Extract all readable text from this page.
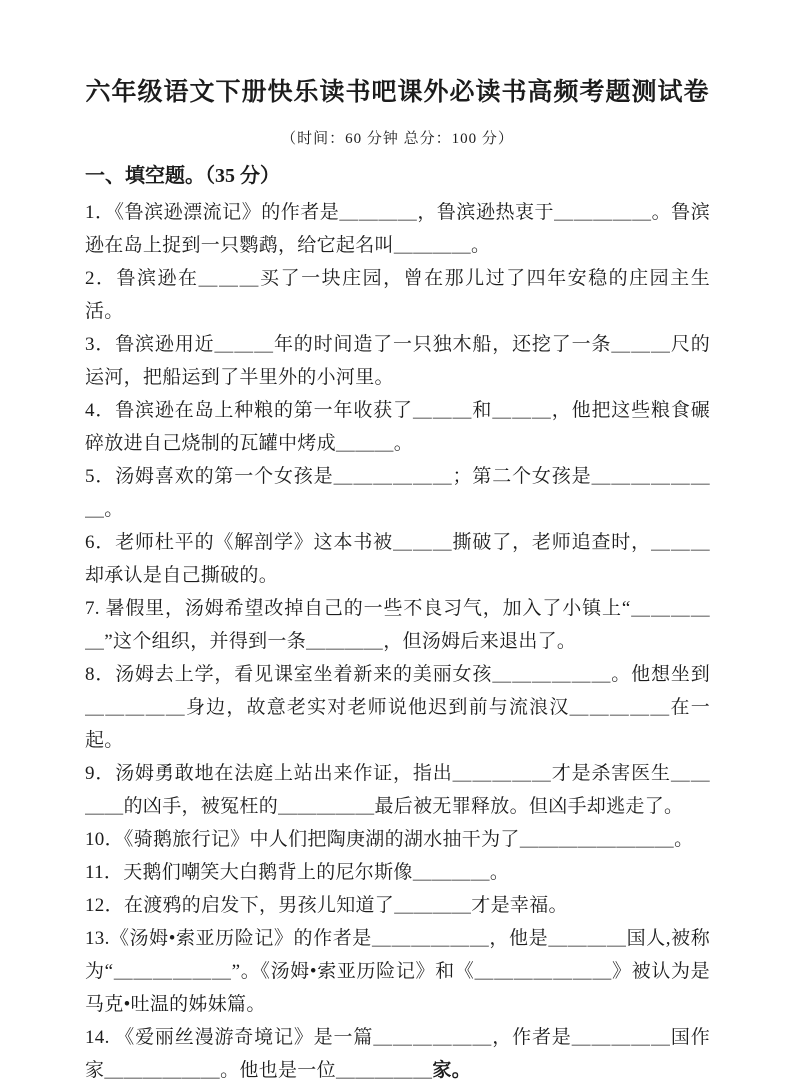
六年级语文下册快乐读书吧课外必读书高频考题测试卷

（时间：60 分钟 总分：100 分）

一、填空题。（35 分）

1．《鲁滨逊漂流记》的作者是＿＿＿＿，鲁滨逊热衷于＿＿＿＿＿。鲁滨逊在岛上捉到一只鹦鹉，给它起名叫＿＿＿＿。

2．鲁滨逊在＿＿＿买了一块庄园，曾在那儿过了四年安稳的庄园主生活。

3．鲁滨逊用近＿＿＿年的时间造了一只独木船，还挖了一条＿＿＿尺的运河，把船运到了半里外的小河里。

4．鲁滨逊在岛上种粮的第一年收获了＿＿＿和＿＿＿，他把这些粮食碾碎放进自己烧制的瓦罐中烤成＿＿＿。

5．汤姆喜欢的第一个女孩是＿＿＿＿＿＿；第二个女孩是＿＿＿＿＿＿＿。

6．老师杜平的《解剖学》这本书被＿＿＿撕破了，老师追查时，＿＿＿却承认是自己撕破的。

7. 暑假里，汤姆希望改掉自己的一些不良习气，加入了小镇上“＿＿＿＿＿”这个组织，并得到一条＿＿＿＿，但汤姆后来退出了。

8．汤姆去上学，看见课室坐着新来的美丽女孩＿＿＿＿＿＿。他想坐到＿＿＿＿＿身边，故意老实对老师说他迟到前与流浪汉＿＿＿＿＿在一起。

9．汤姆勇敢地在法庭上站出来作证，指出＿＿＿＿＿才是杀害医生＿＿＿＿的凶手，被冤枉的＿＿＿＿＿最后被无罪释放。但凶手却逃走了。

10．《骑鹅旅行记》中人们把陶庚湖的湖水抽干为了＿＿＿＿＿＿＿＿。

11．天鹅们嘲笑大白鹅背上的尼尔斯像＿＿＿＿。

12．在渡鸦的启发下，男孩儿知道了＿＿＿＿才是幸福。

13.《汤姆•索亚历险记》的作者是＿＿＿＿＿＿，他是＿＿＿＿国人,被称为“＿＿＿＿＿＿”。《汤姆•索亚历险记》和《＿＿＿＿＿＿＿》被认为是马克•吐温的姊妹篇。

14. 《爱丽丝漫游奇境记》是一篇＿＿＿＿＿＿，作者是＿＿＿＿＿国作家＿＿＿＿＿＿。他也是一位＿＿＿＿＿家。
